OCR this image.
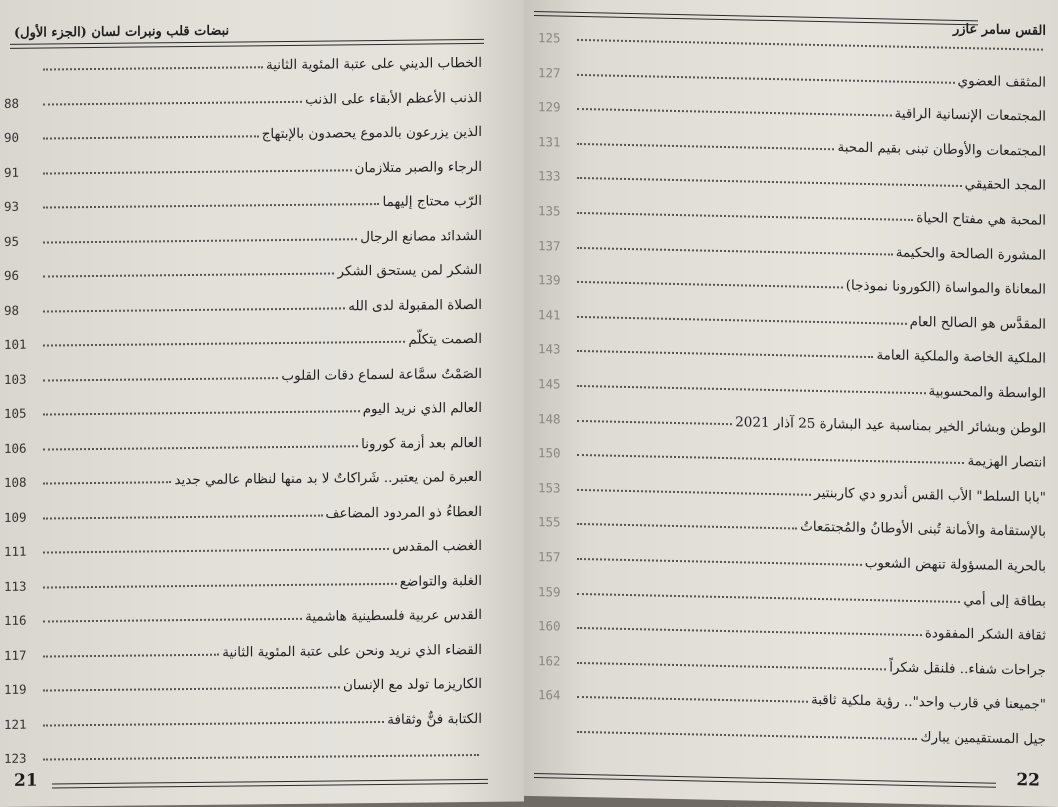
نبضات قلب ونبرات لسان (الجزء الأول)
الخطاب الديني على عتبة المئوية الثانية
الذنب الأعظم الأبقاء على الذنب
88
الذين يزرعون بالدموع يحصدون بالإبتهاج
90
الرجاء والصبر متلازمان
91
الرّب محتاج إليهما
93
الشدائد مصانع الرجال
95
الشكر لمن يستحق الشكر
96
الصلاة المقبولة لدى الله
98
الصمت يتكلّم
101
الصَمْتُ سمَّاعة لسماع دقات القلوب
103
العالم الذي نريد اليوم
105
العالم بعد أزمة كورونا
106
العبرة لمن يعتبر.. شَراكاتٌ لا بد منها لنظام عالمي جديد
108
العطاءُ ذو المردود المضاعف
109
الغضب المقدس
111
الغلبة والتواضع
113
القدس عربية فلسطينية هاشمية
116
القضاء الذي نريد ونحن على عتبة المئوية الثانية
117
الكاريزما تولد مع الإنسان
119
الكتابة فنٌّ وثقافة
121
123
21
القس سامر عازر
125
المثقف العضوي
127
المجتمعات الإنسانية الراقية
129
المجتمعات والأوطان تبنى بقيم المحبة
131
المجد الحقيقي
133
المحبة هي مفتاح الحياة
135
المشورة الصالحة والحكيمة
137
المعاناة والمواساة (الكورونا نموذجا)
139
المقدَّس هو الصالح العام
141
الملكية الخاصة والملكية العامة
143
الواسطة والمحسوبية
145
الوطن وبشائر الخير بمناسبة عيد البشارة 25 آذار 2021
148
انتصار الهزيمة
150
"بابا السلط" الأب القس أندرو دي كاربنتير
153
بالإستقامة والأمانة تُبنى الأوطانُ والمُجتمَعاتُ
155
بالحرية المسؤولة تنهض الشعوب
157
بطاقة إلى أمي
159
ثقافة الشكر المفقودة
160
جراحات شفاء.. فلنقل شكراً
162
"جميعنا في قارب واحد".. رؤية ملكية ثاقبة
164
جيل المستقيمين يبارك
22
